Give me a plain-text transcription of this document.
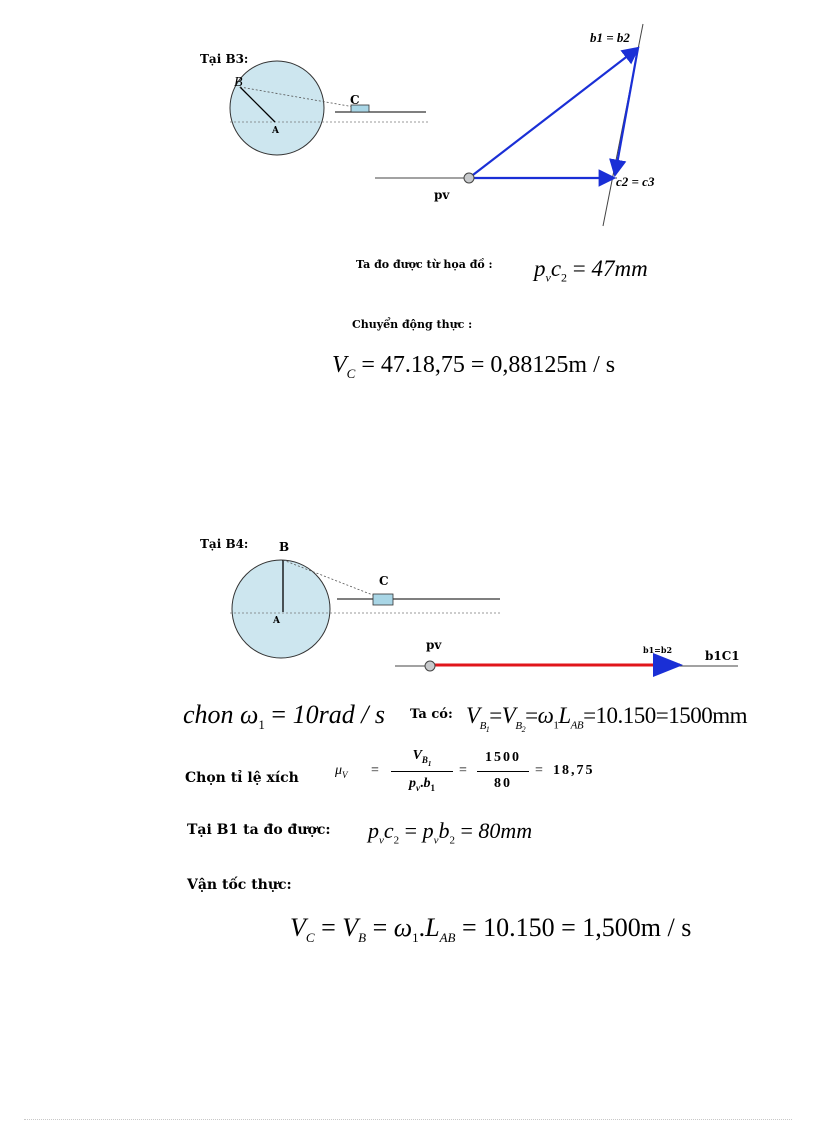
Tại B3:
B
A
C
pv
b1 = b2
c2 = c3
Ta đo được từ họa đồ : $p_vc_2 = 47mm$
Chuyển động thực :
$V_C = 47.18,75 = 0,88125m / s$
Tại B4:	B
A
C
pv	b1=b2	b1C1
chon $\omega_1 = 10rad / s$ Ta có: $V_{B_1}=V_{B_2}=\omega_1L_{AB}=10.150=1500mm$
Chọn tỉ lệ xích	$\mu_V$ =
$V_{B_1}$
$p_v.b_1$
=
1500
80
= 18,75
Tại B1 ta đo được: $p_vc_2 = p_vb_2 = 80mm$
Vận tốc thực:
$V_C = V_B = \omega_1.L_{AB} = 10.150 = 1,500m / s$
